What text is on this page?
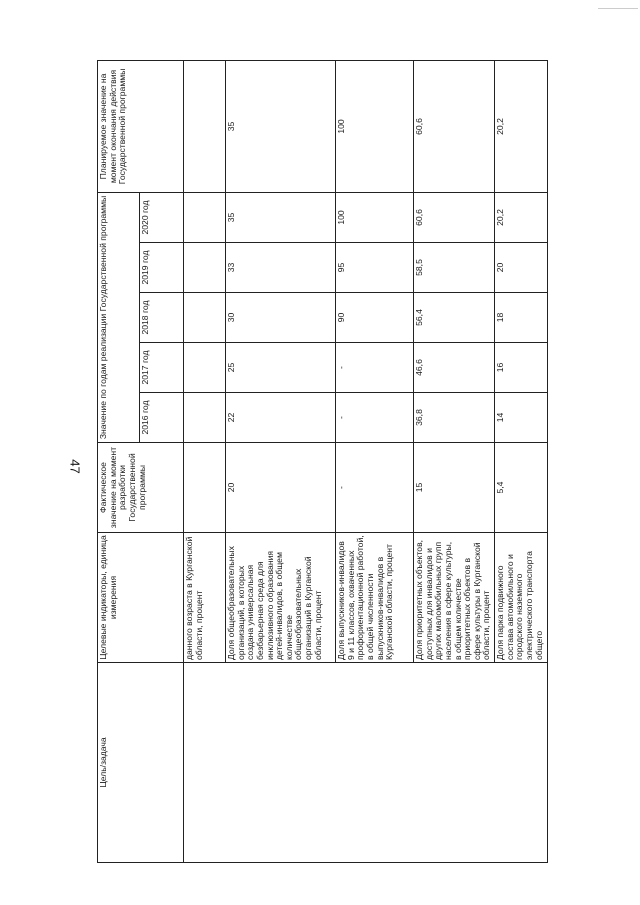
47
Цель/задача	Целевые индикаторы, единица измерения	Фактическое значение на момент разработки Государственной программы	Значение по годам реализации Государственной программы					Планируемое значение на момент окончания действия Государственной программы
			2016 год	2017 год	2018 год	2019 год	2020 год	
	данного возраста в Курганской области, процент							
	Доля общеобразовательных организаций, в которых создана универсальная безбарьерная среда для инклюзивного образования детей-инвалидов, в общем количестве общеобразовательных организаций в Курганской области, процент	20	22	25	30	33	35	35
	Доля выпускников-инвалидов 9 и 11 классов, охваченных профориентационной работой, в общей численности выпускников-инвалидов в Курганской области, процент	-	-	-	90	95	100	100
	Доля приоритетных объектов, доступных для инвалидов и других маломобильных групп населения в сфере культуры, в общем количестве приоритетных объектов в сфере культуры в Курганской области, процент	15	36,8	46,6	56,4	58,5	60,6	60,6
	Доля парка подвижного состава автомобильного и городского наземного электрического транспорта общего	5,4	14	16	18	20	20,2	20,2
